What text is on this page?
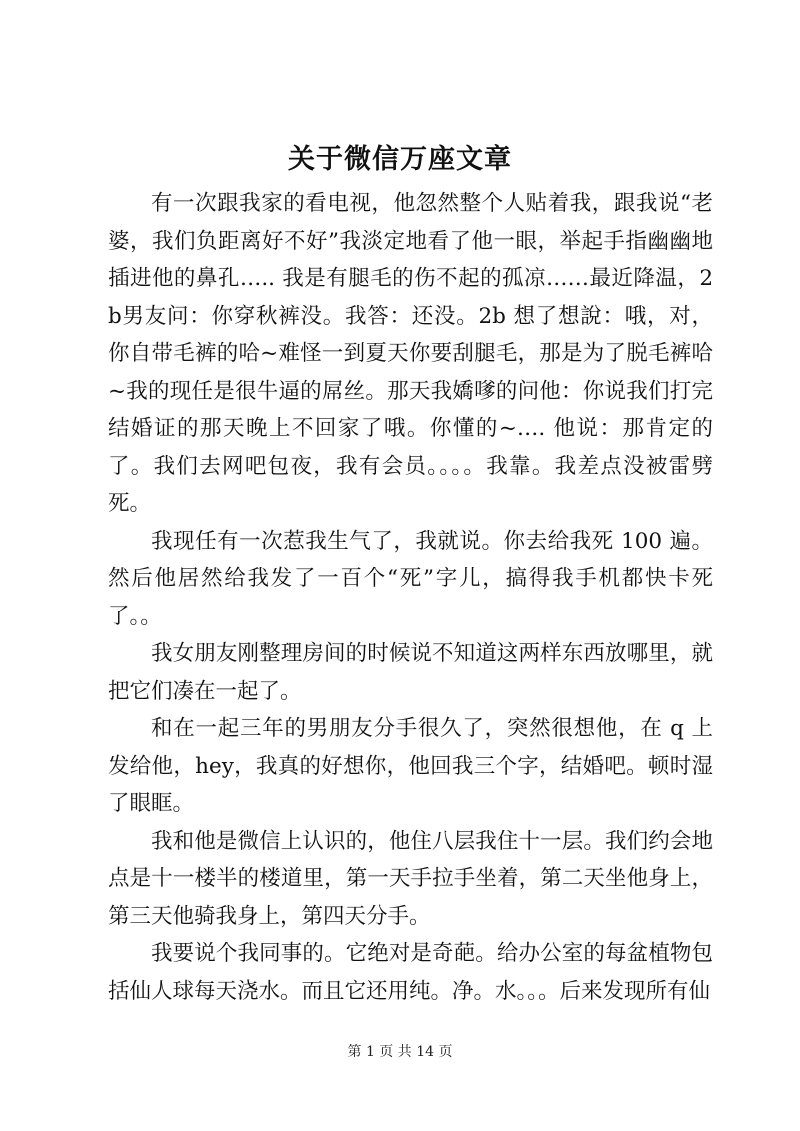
关于微信万座文章

有一次跟我家的看电视，他忽然整个人贴着我，跟我说“老婆，我们负距离好不好”我淡定地看了他一眼，举起手指幽幽地插进他的鼻孔….. 我是有腿毛的伤不起的孤凉……最近降温，2b男友问：你穿秋裤没。我答：还没。2b 想了想說：哦，对，你自带毛裤的哈~难怪一到夏天你要刮腿毛，那是为了脱毛裤哈~我的现任是很牛逼的屌丝。那天我嬌嗲的问他：你说我们打完结婚证的那天晚上不回家了哦。你懂的~…. 他说：那肯定的了。我们去网吧包夜，我有会员。。。。我靠。我差点没被雷劈死。

我现任有一次惹我生气了，我就说。你去给我死 100 遍。然后他居然给我发了一百个“死”字儿，搞得我手机都快卡死了。。

我女朋友刚整理房间的时候说不知道这两样东西放哪里，就把它们凑在一起了。

和在一起三年的男朋友分手很久了，突然很想他，在 q 上发给他，hey，我真的好想你，他回我三个字，结婚吧。顿时湿了眼眶。

我和他是微信上认识的，他住八层我住十一层。我们约会地点是十一楼半的楼道里，第一天手拉手坐着，第二天坐他身上，第三天他骑我身上，第四天分手。

我要说个我同事的。它绝对是奇葩。给办公室的每盆植物包括仙人球每天浇水。而且它还用纯。净。水。。。后来发现所有仙

第 1 页 共 14 页
